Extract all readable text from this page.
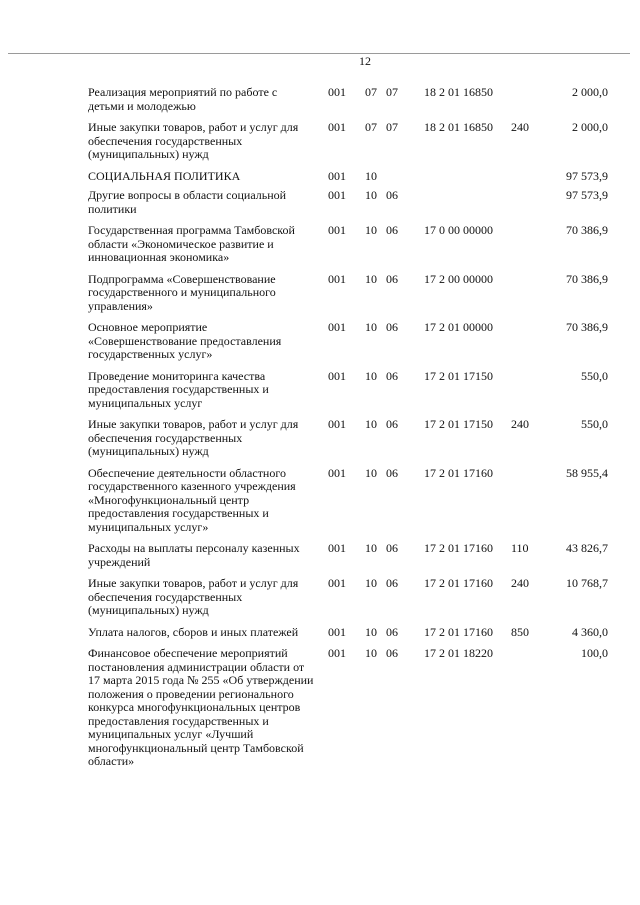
12
Реализация мероприятий по работе с детьми и молодежью
001	07 07	18 2 01 16850	2 000,0
Иные закупки товаров, работ и услуг для обеспечения государственных (муниципальных) нужд
001	07 07	18 2 01 16850	240	2 000,0
СОЦИАЛЬНАЯ ПОЛИТИКА	001	10	97 573,9
Другие вопросы в области социальной политики
001	10 06	97 573,9
Государственная программа Тамбовской области «Экономическое развитие и инновационная экономика»
001	10 06	17 0 00 00000	70 386,9
Подпрограмма «Совершенствование государственного и муниципального управления»
001	10 06	17 2 00 00000	70 386,9
Основное мероприятие «Совершенствование предоставления государственных услуг»
001	10 06	17 2 01 00000	70 386,9
Проведение мониторинга качества предоставления государственных и муниципальных услуг
001	10 06	17 2 01 17150	550,0
Иные закупки товаров, работ и услуг для обеспечения государственных (муниципальных) нужд
001	10 06	17 2 01 17150	240	550,0
Обеспечение деятельности областного государственного казенного учреждения «Многофункциональный центр предоставления государственных и муниципальных услуг»
001	10 06	17 2 01 17160	58 955,4
Расходы на выплаты персоналу казенных учреждений
001	10 06	17 2 01 17160	110	43 826,7
Иные закупки товаров, работ и услуг для обеспечения государственных (муниципальных) нужд
001	10 06	17 2 01 17160	240	10 768,7
Уплата налогов, сборов и иных платежей	001	10 06	17 2 01 17160	850	4 360,0
Финансовое обеспечение мероприятий постановления администрации области от 17 марта 2015 года № 255 «Об утверждении положения о проведении регионального конкурса многофункциональных центров предоставления государственных и муниципальных услуг «Лучший многофункциональный центр Тамбовской области»
001	10 06	17 2 01 18220	100,0
